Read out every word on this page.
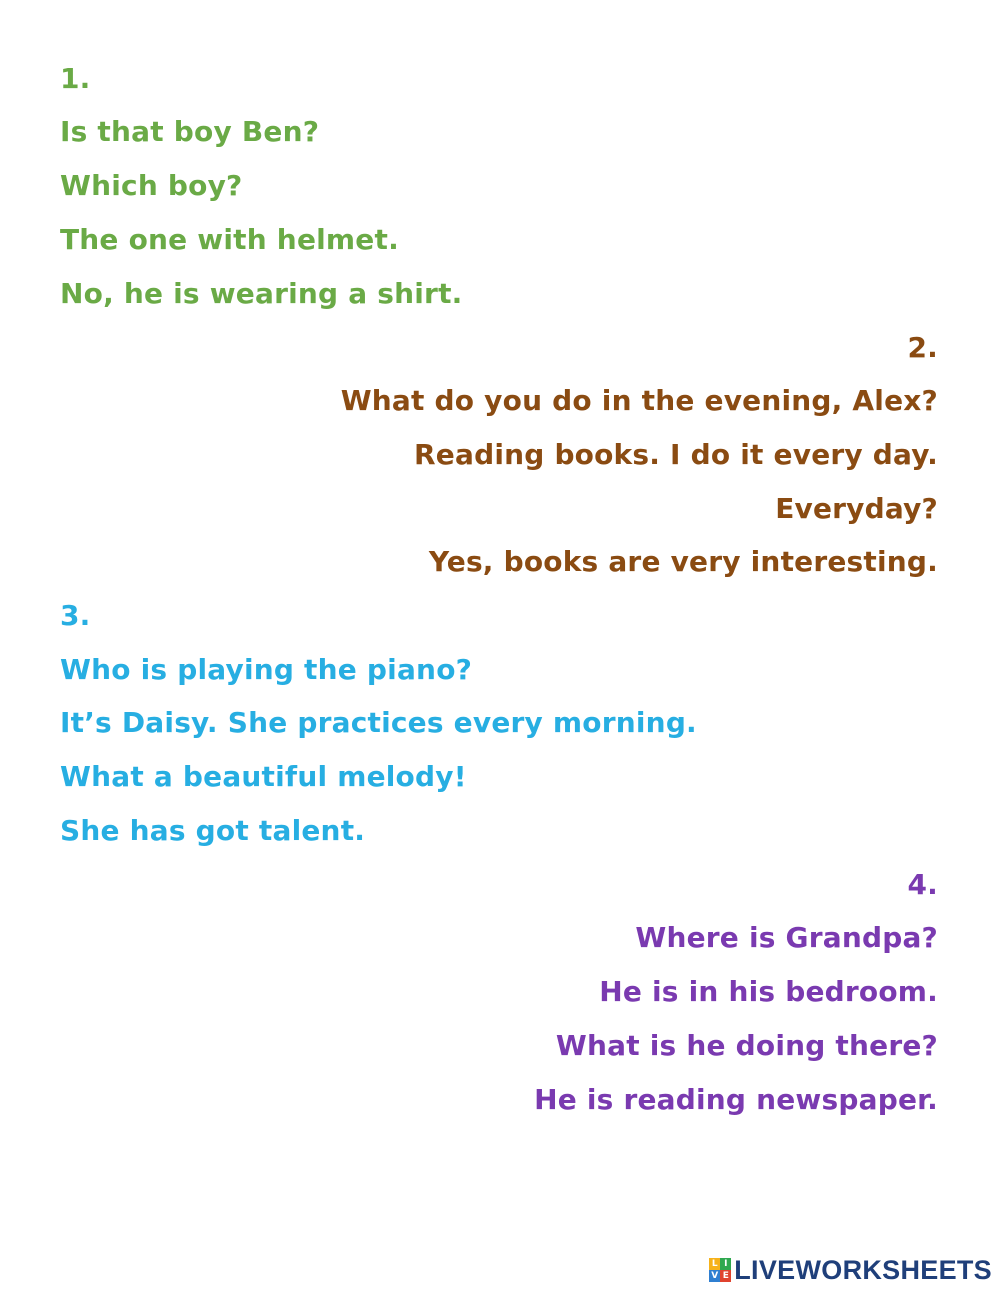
1.
Is that boy Ben?
Which boy?
The one with helmet.
No, he is wearing a shirt.
2.
What do you do in the evening, Alex?
Reading books. I do it every day.
Everyday?
Yes, books are very interesting.
3.
Who is playing the piano?
It’s Daisy. She practices every morning.
What a beautiful melody!
She has got talent.
4.
Where is Grandpa?
He is in his bedroom.
What is he doing there?
He is reading newspaper.
L I
V E LIVEWORKSHEETS
